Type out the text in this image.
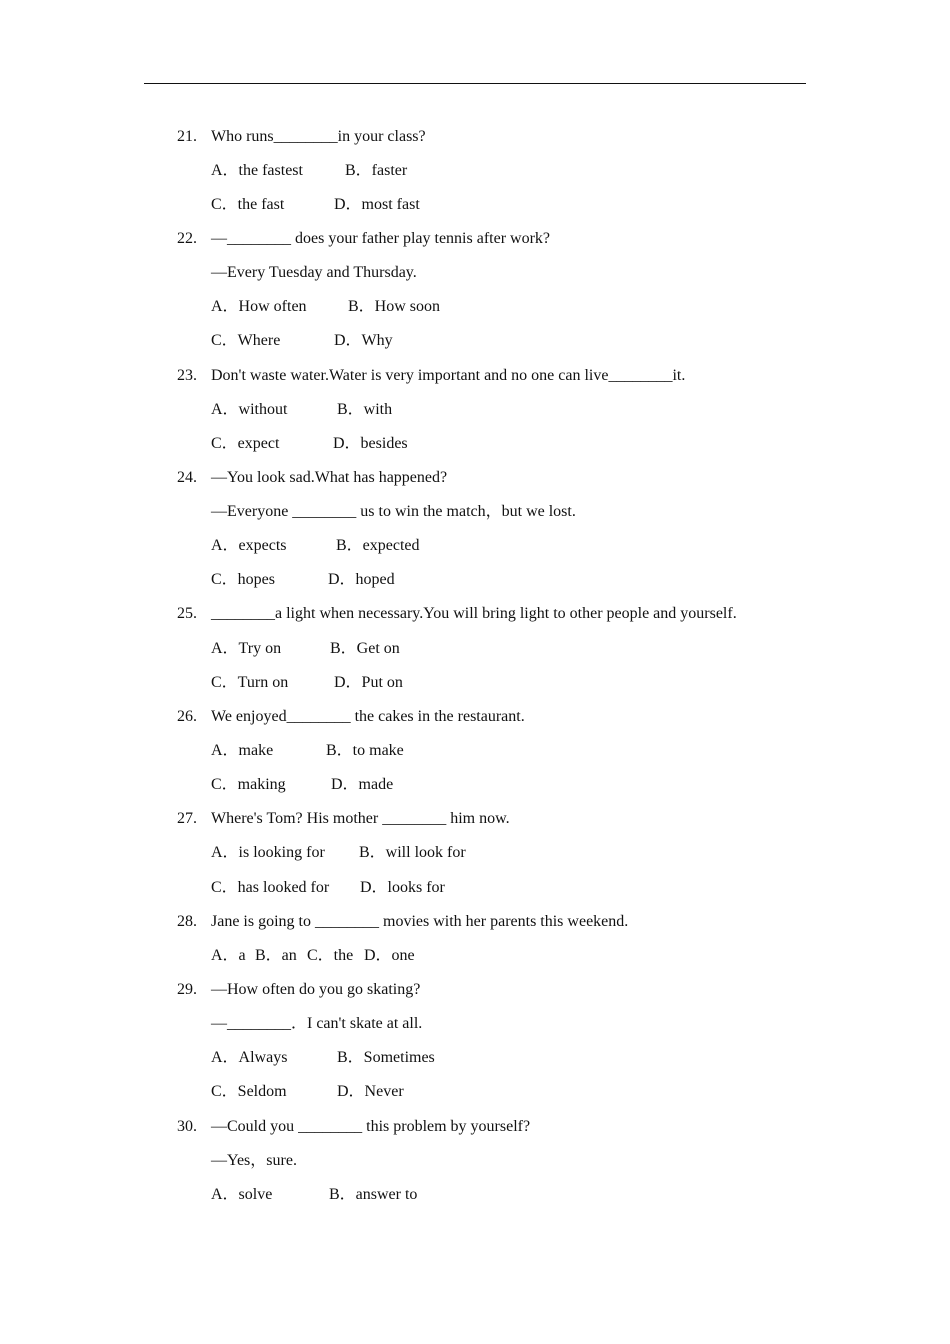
21. Who runs________in your class?
A．the fastest	B．faster
C．the fast	D．most fast
22. —________ does your father play tennis after work?
—Every Tuesday and Thursday.
A．How often	B．How soon
C．Where	D．Why
23. Don't waste water.Water is very important and no one can live________it.
A．without	B．with
C．expect	D．besides
24. —You look sad.What has happened?
—Everyone ________ us to win the match，but we lost.
A．expects	B．expected
C．hopes	D．hoped
25. ________a light when necessary.You will bring light to other people and yourself.
A．Try on	B．Get on
C．Turn on	D．Put on
26. We enjoyed________ the cakes in the restaurant.
A．make	B．to make
C．making	D．made
27. Where's Tom? His mother ________ him now.
A．is looking for B．will look for
C．has looked for D．looks for
28. Jane is going to ________ movies with her parents this weekend.
A．a B．an C．the D．one
29. —How often do you go skating?
—________．I can't skate at all.
A．Always	B．Sometimes
C．Seldom	D．Never
30. —Could you ________ this problem by yourself?
—Yes，sure.
A．solve	B．answer to
